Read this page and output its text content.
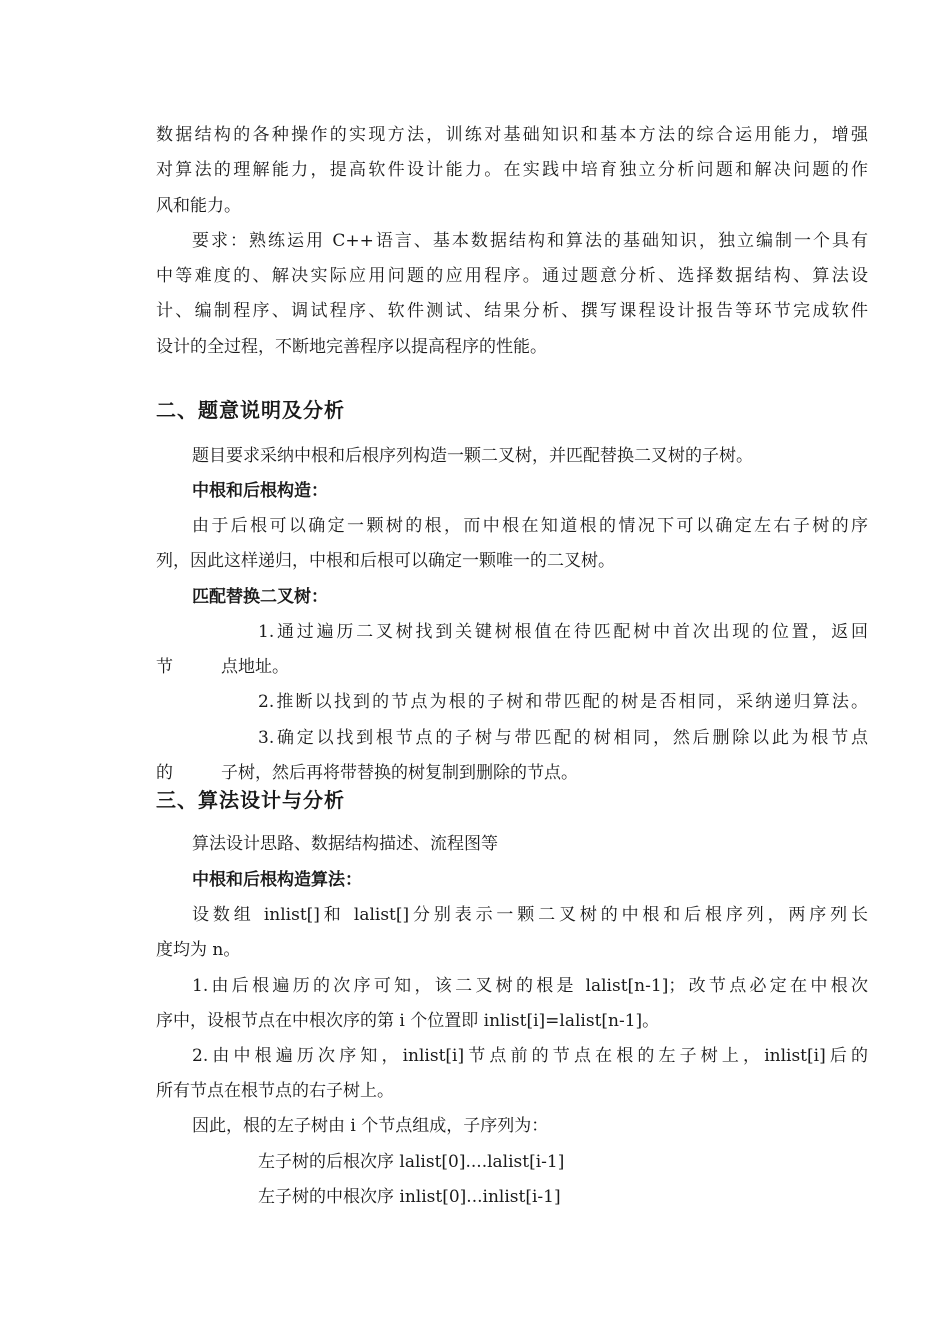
数据结构的各种操作的实现方法，训练对基础知识和基本方法的综合运用能力，增强
对算法的理解能力，提高软件设计能力。在实践中培育独立分析问题和解决问题的作
风和能力。
要求：熟练运用 C++语言、基本数据结构和算法的基础知识，独立编制一个具有
中等难度的、解决实际应用问题的应用程序。通过题意分析、选择数据结构、算法设
计、编制程序、调试程序、软件测试、结果分析、撰写课程设计报告等环节完成软件
设计的全过程，不断地完善程序以提高程序的性能。
二、题意说明及分析
题目要求采纳中根和后根序列构造一颗二叉树，并匹配替换二叉树的子树。
中根和后根构造：
由于后根可以确定一颗树的根，而中根在知道根的情况下可以确定左右子树的序
列，因此这样递归，中根和后根可以确定一颗唯一的二叉树。
匹配替换二叉树：
1.通过遍历二叉树找到关键树根值在待匹配树中首次出现的位置，返回
节	点地址。
2.推断以找到的节点为根的子树和带匹配的树是否相同，采纳递归算法。
3.确定以找到根节点的子树与带匹配的树相同，然后删除以此为根节点
的	子树，然后再将带替换的树复制到删除的节点。
三、算法设计与分析
算法设计思路、数据结构描述、流程图等
中根和后根构造算法：
设数组 inlist[]和 lalist[]分别表示一颗二叉树的中根和后根序列，两序列长
度均为 n。
1.由后根遍历的次序可知，该二叉树的根是 lalist[n-1]；改节点必定在中根次
序中，设根节点在中根次序的第 i 个位置即 inlist[i]=lalist[n-1]。
2.由中根遍历次序知，inlist[i]节点前的节点在根的左子树上，inlist[i]后的
所有节点在根节点的右子树上。
因此，根的左子树由 i 个节点组成，子序列为：
左子树的后根次序 lalist[0]....lalist[i-1]
左子树的中根次序 inlist[0]...inlist[i-1]
